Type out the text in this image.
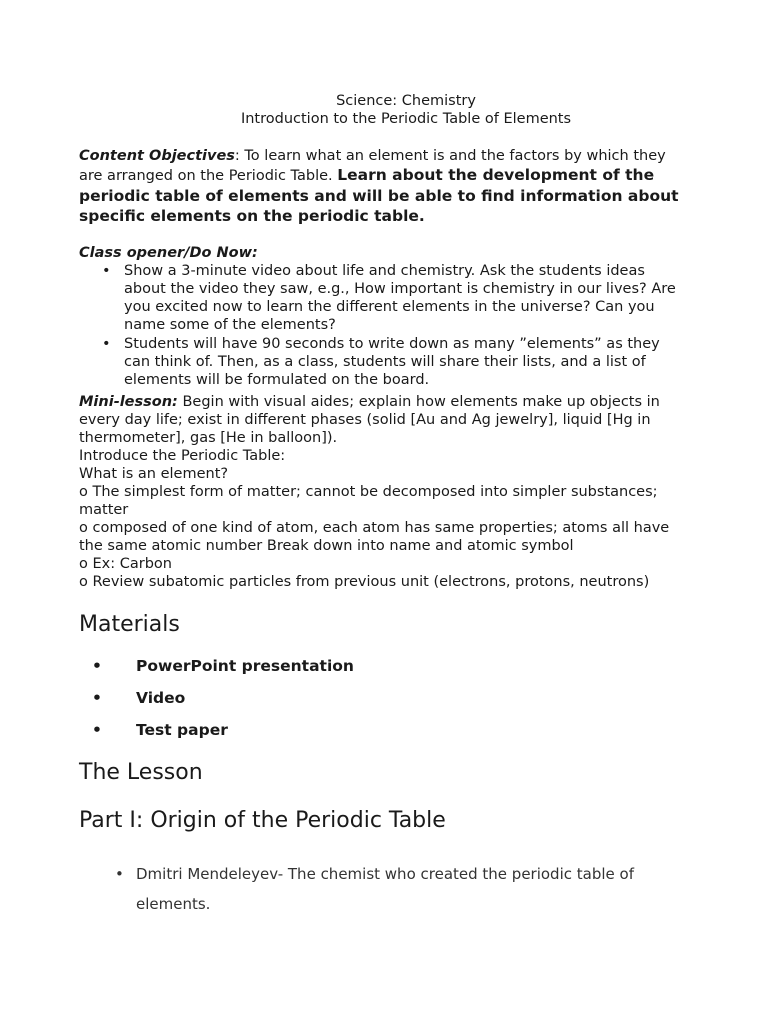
Science: Chemistry
Introduction to the Periodic Table of Elements
Content Objectives: To learn what an element is and the factors by which they are arranged on the Periodic Table. Learn about the development of the periodic table of elements and will be able to find information about specific elements on the periodic table.
Class opener/Do Now:
• Show a 3-minute video about life and chemistry. Ask the students ideas about the video they saw, e.g., How important is chemistry in our lives? Are you excited now to learn the different elements in the universe? Can you name some of the elements?
• Students will have 90 seconds to write down as many ”elements” as they can think of. Then, as a class, students will share their lists, and a list of elements will be formulated on the board.

Mini-lesson: Begin with visual aides; explain how elements make up objects in every day life; exist in different phases (solid [Au and Ag jewelry], liquid [Hg in thermometer], gas [He in balloon]).

Introduce the Periodic Table:

What is an element?

o The simplest form of matter; cannot be decomposed into simpler substances; matter

o composed of one kind of atom, each atom has same properties; atoms all have the same atomic number Break down into name and atomic symbol

o Ex: Carbon

o Review subatomic particles from previous unit (electrons, protons, neutrons)

Materials
• PowerPoint presentation
• Video
• Test paper
The Lesson
Part I: Origin of the Periodic Table
• Dmitri Mendeleyev- The chemist who created the periodic table of elements.
